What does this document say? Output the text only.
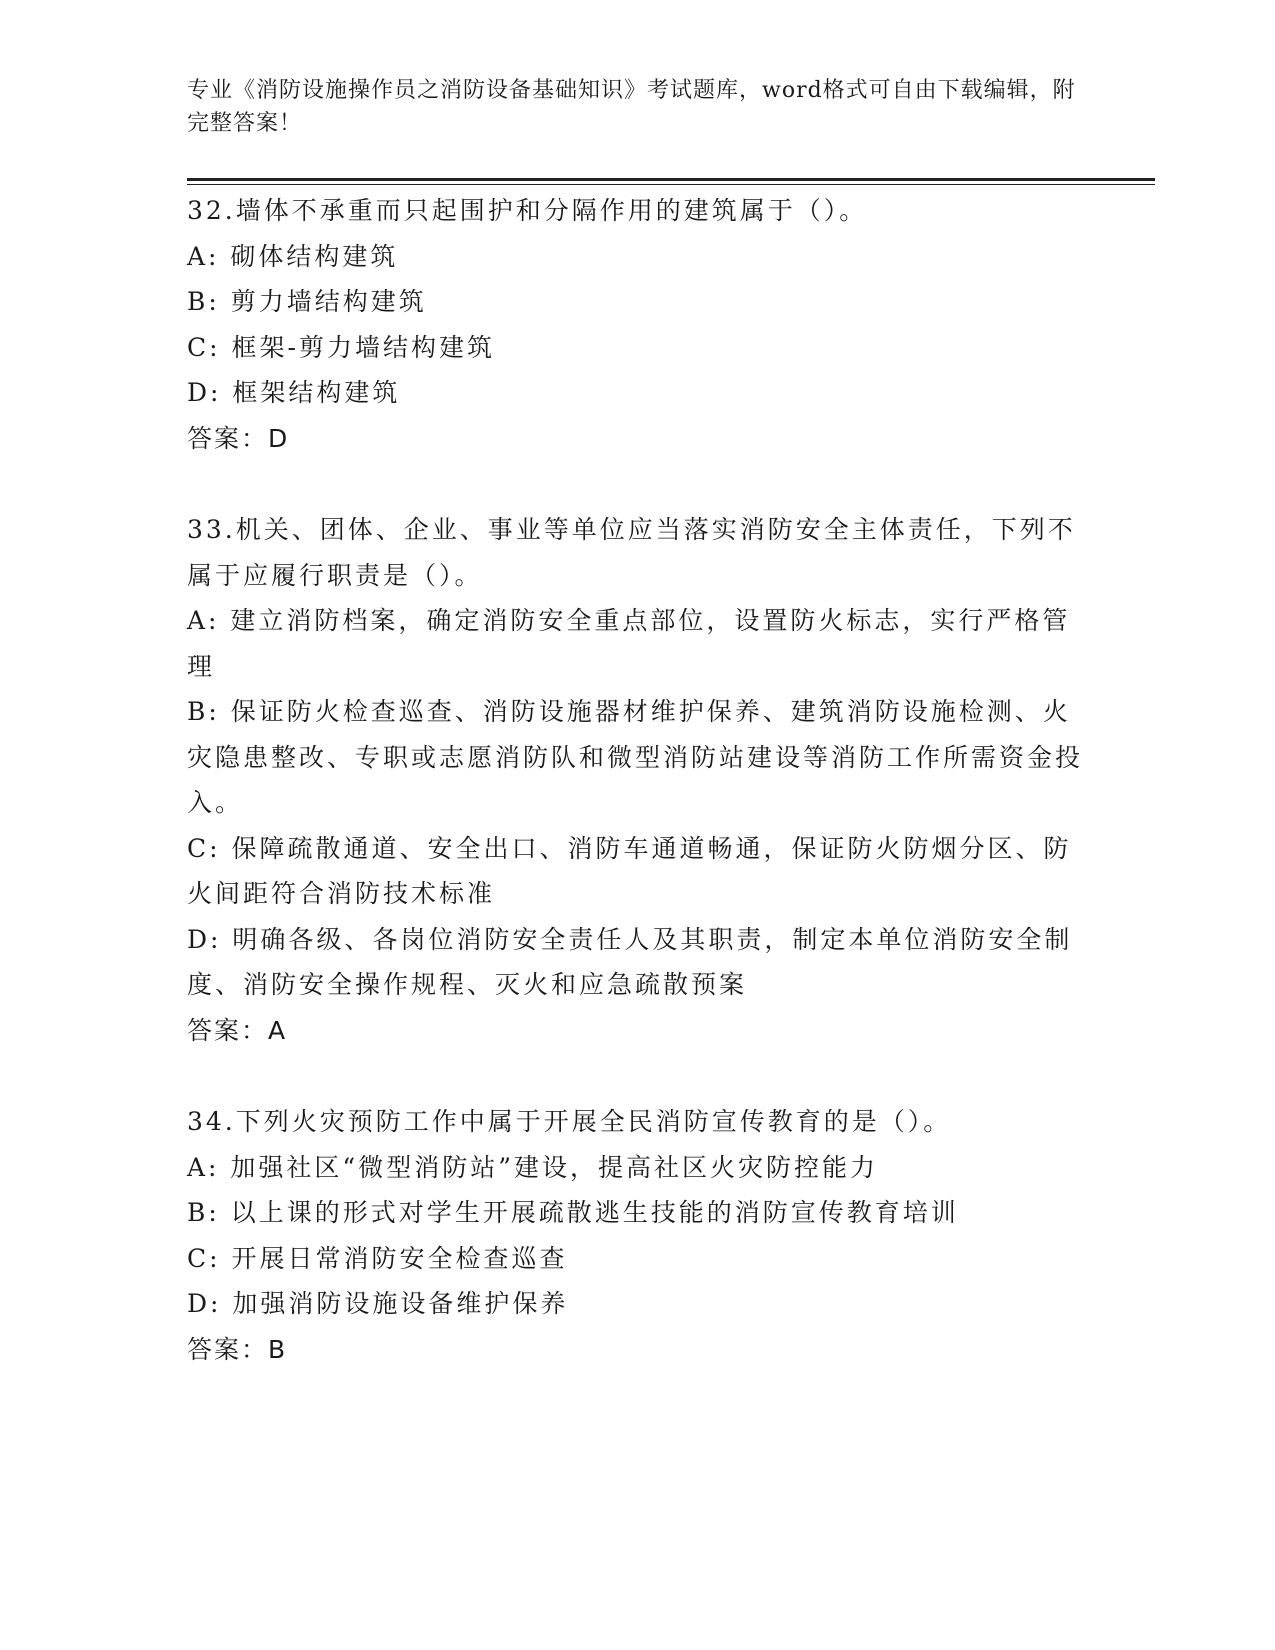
专业《消防设施操作员之消防设备基础知识》考试题库，word格式可自由下载编辑，附完整答案！

32.墙体不承重而只起围护和分隔作用的建筑属于（）。

A: 砌体结构建筑

B: 剪力墙结构建筑

C: 框架-剪力墙结构建筑

D: 框架结构建筑

答案：D

33.机关、团体、企业、事业等单位应当落实消防安全主体责任，下列不属于应履行职责是（）。

A: 建立消防档案，确定消防安全重点部位，设置防火标志，实行严格管理

B: 保证防火检查巡查、消防设施器材维护保养、建筑消防设施检测、火灾隐患整改、专职或志愿消防队和微型消防站建设等消防工作所需资金投入。

C: 保障疏散通道、安全出口、消防车通道畅通，保证防火防烟分区、防火间距符合消防技术标准

D: 明确各级、各岗位消防安全责任人及其职责，制定本单位消防安全制度、消防安全操作规程、灭火和应急疏散预案

答案：A

34.下列火灾预防工作中属于开展全民消防宣传教育的是（）。

A: 加强社区“微型消防站”建设，提高社区火灾防控能力

B: 以上课的形式对学生开展疏散逃生技能的消防宣传教育培训

C: 开展日常消防安全检查巡查

D: 加强消防设施设备维护保养

答案：B
